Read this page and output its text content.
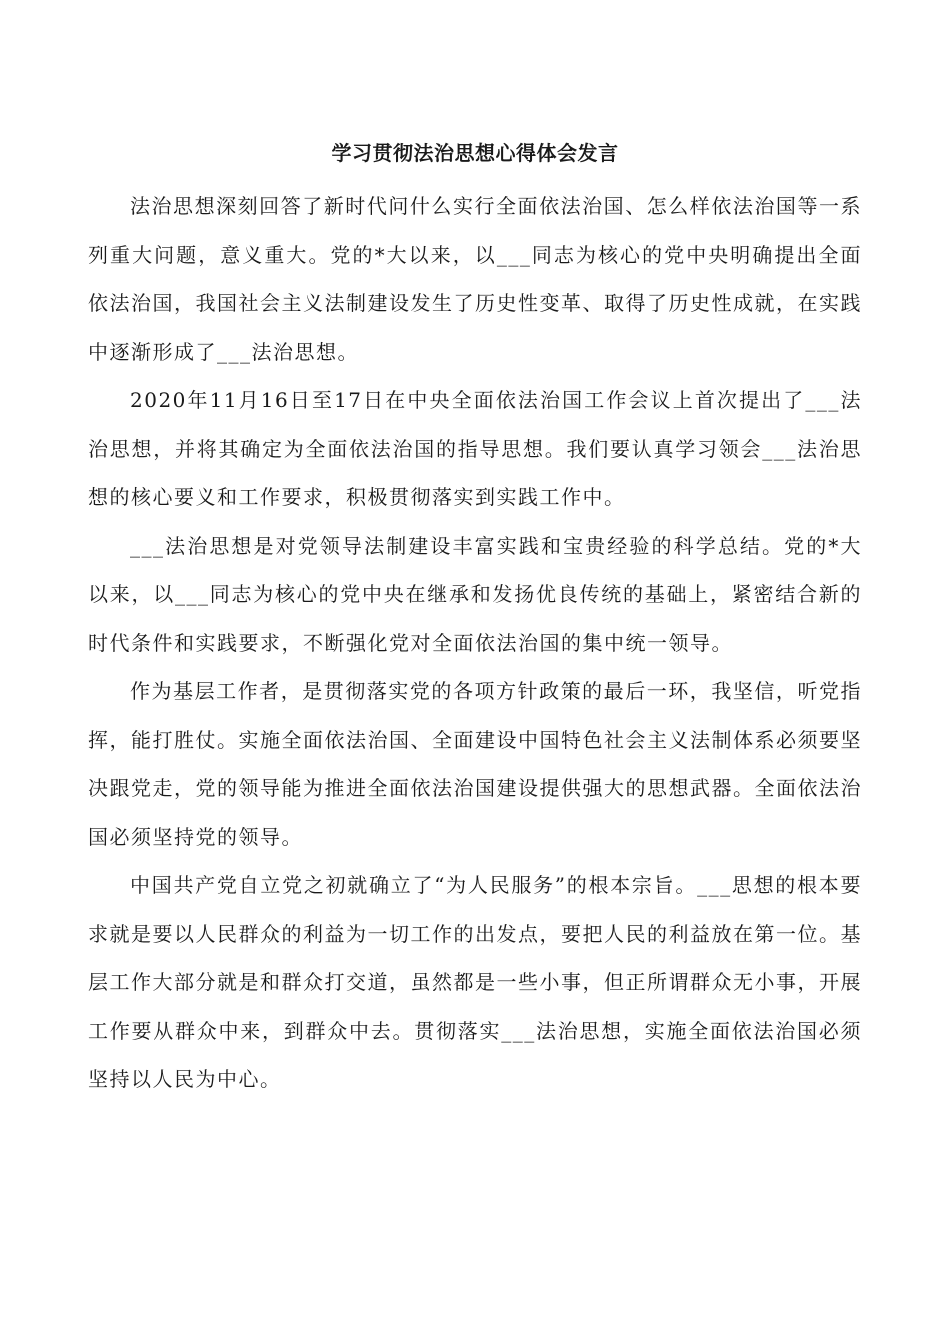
学习贯彻法治思想心得体会发言

法治思想深刻回答了新时代问什么实行全面依法治国、怎么样依法治国等一系列重大问题，意义重大。党的*大以来，以___同志为核心的党中央明确提出全面依法治国，我国社会主义法制建设发生了历史性变革、取得了历史性成就，在实践中逐渐形成了___法治思想。

2020年11月16日至17日在中央全面依法治国工作会议上首次提出了___法治思想，并将其确定为全面依法治国的指导思想。我们要认真学习领会___法治思想的核心要义和工作要求，积极贯彻落实到实践工作中。

___法治思想是对党领导法制建设丰富实践和宝贵经验的科学总结。党的*大以来，以___同志为核心的党中央在继承和发扬优良传统的基础上，紧密结合新的时代条件和实践要求，不断强化党对全面依法治国的集中统一领导。

作为基层工作者，是贯彻落实党的各项方针政策的最后一环，我坚信，听党指挥，能打胜仗。实施全面依法治国、全面建设中国特色社会主义法制体系必须要坚决跟党走，党的领导能为推进全面依法治国建设提供强大的思想武器。全面依法治国必须坚持党的领导。

中国共产党自立党之初就确立了“为人民服务”的根本宗旨。___思想的根本要求就是要以人民群众的利益为一切工作的出发点，要把人民的利益放在第一位。基层工作大部分就是和群众打交道，虽然都是一些小事，但正所谓群众无小事，开展工作要从群众中来，到群众中去。贯彻落实___法治思想，实施全面依法治国必须坚持以人民为中心。
